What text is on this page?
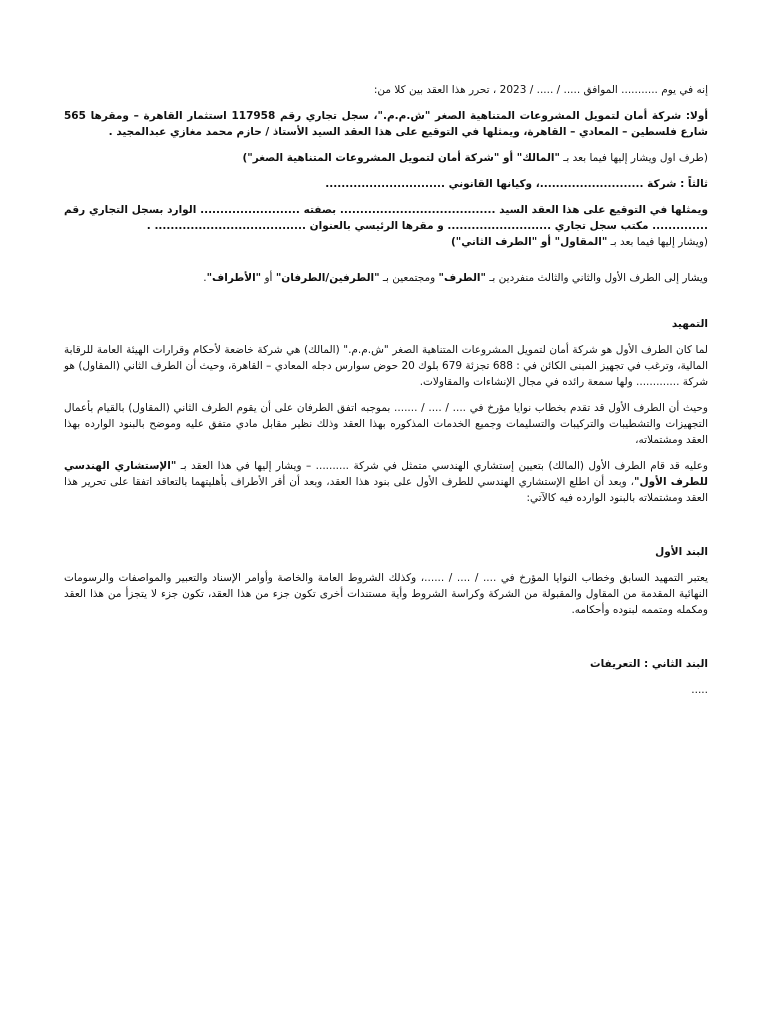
إنه في يوم ........... الموافق ..... / ..... / 2023 ، تحرر هذا العقد بين كلا من:

أولا: شركة أمان لتمويل المشروعات المتناهية الصغر "ش.م.م."، سجل تجاري رقم 117958 استثمار القاهرة – ومقرها 565 شارع فلسطين – المعادي – القاهرة، ويمثلها في التوقيع على هذا العقد السيد الأستاذ / حازم محمد مغازي عبدالمجيد .

(طرف اول ويشار إليها فيما بعد بـ "المالك" أو "شركة أمان لتمويل المشروعات المتناهية الصغر")

ثالثاً : شركة ..........................، وكيانها القانوني ..............................

ويمثلها في التوقيع على هذا العقد السيد ....................................... بصفته ......................... الوارد بسجل التجاري رقم .............. مكتب سجل تجاري .......................... و مقرها الرئيسي بالعنوان ...................................... .

(ويشار إليها فيما بعد بـ "المقاول" أو "الطرف الثاني")

ويشار إلى الطرف الأول والثاني والثالث منفردين بـ "الطرف" ومجتمعين بـ "الطرفين/الطرفان" أو "الأطراف".

التمهيد

لما كان الطرف الأول هو شركة أمان لتمويل المشروعات المتناهية الصغر "ش.م.م." (المالك) هي شركة خاضعة لأحكام وقرارات الهيئة العامة للرقابة المالية، وترغب في تجهيز المبنى الكائن في : 688 تجزئة 679 بلوك 20 حوض سوارس دجله المعادي – القاهرة، وحيث أن الطرف الثاني (المقاول) هو شركة ............. ولها سمعة رائده في مجال الإنشاءات والمقاولات.

وحيث أن الطرف الأول قد تقدم بخطاب نوايا مؤرخ في .... / .... / ....... بموجبه اتفق الطرفان على أن يقوم الطرف الثاني (المقاول) بالقيام بأعمال التجهيزات والتشطيبات والتركيبات والتسليمات وجميع الخدمات المذكوره بهذا العقد وذلك نظير مقابل مادي متفق عليه وموضح بالبنود الوارده بهذا العقد ومشتملاته،

وعليه قد قام الطرف الأول (المالك) بتعيين إستشاري الهندسي متمثل في شركة .......... – ويشار إليها في هذا العقد بـ "الإستشاري الهندسي للطرف الأول"، وبعد أن اطلع الإستشاري الهندسي للطرف الأول على بنود هذا العقد، وبعد أن أقر الأطراف بأهليتهما بالتعاقد اتفقا على تحرير هذا العقد ومشتملاته بالبنود الوارده فيه كالآتي:

البند الأول

يعتبر التمهيد السابق وخطاب النوايا المؤرخ في .... / .... / ......، وكذلك الشروط العامة والخاصة وأوامر الإسناد والتعبير والمواصفات والرسومات النهائية المقدمة من المقاول والمقبولة من الشركة وكراسة الشروط وأية مستندات أخرى تكون جزء من هذا العقد، تكون جزء لا يتجزأ من هذا العقد ومكمله ومتممه لبنوده وأحكامه.

البند الثاني : التعريفات

.....
